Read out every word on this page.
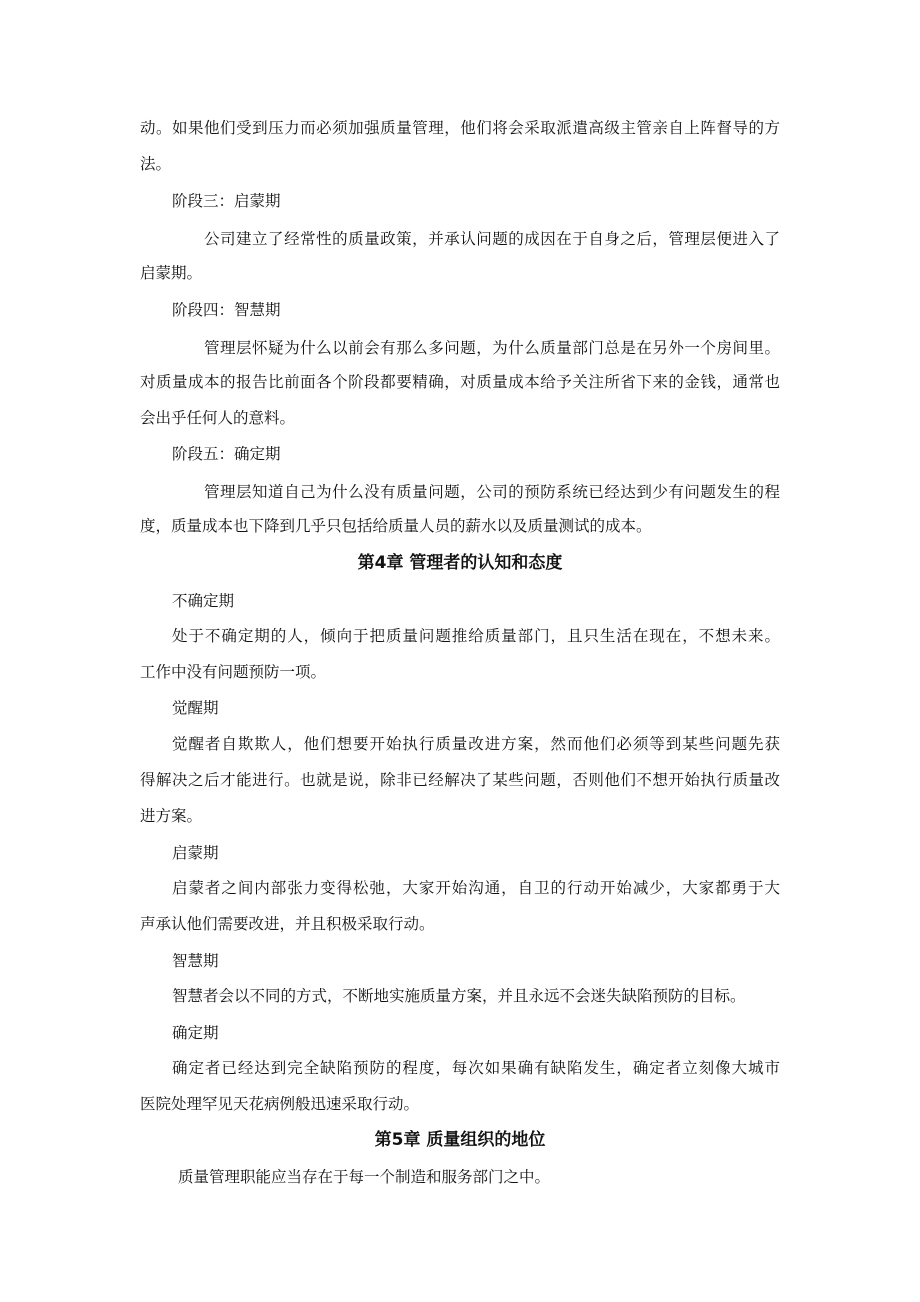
动。如果他们受到压力而必须加强质量管理，他们将会采取派遣高级主管亲自上阵督导的方
法。
阶段三：启蒙期
公司建立了经常性的质量政策，并承认问题的成因在于自身之后，管理层便进入了
启蒙期。
阶段四：智慧期
管理层怀疑为什么以前会有那么多问题，为什么质量部门总是在另外一个房间里。
对质量成本的报告比前面各个阶段都要精确，对质量成本给予关注所省下来的金钱，通常也
会出乎任何人的意料。
阶段五：确定期
管理层知道自己为什么没有质量问题，公司的预防系统已经达到少有问题发生的程
度，质量成本也下降到几乎只包括给质量人员的薪水以及质量测试的成本。
第4章 管理者的认知和态度
不确定期
处于不确定期的人，倾向于把质量问题推给质量部门，且只生活在现在，不想未来。
工作中没有问题预防一项。
觉醒期
觉醒者自欺欺人，他们想要开始执行质量改进方案，然而他们必须等到某些问题先获
得解决之后才能进行。也就是说，除非已经解决了某些问题，否则他们不想开始执行质量改
进方案。
启蒙期
启蒙者之间内部张力变得松弛，大家开始沟通，自卫的行动开始减少，大家都勇于大
声承认他们需要改进，并且积极采取行动。
智慧期
智慧者会以不同的方式，不断地实施质量方案，并且永远不会迷失缺陷预防的目标。
确定期
确定者已经达到完全缺陷预防的程度，每次如果确有缺陷发生，确定者立刻像大城市
医院处理罕见天花病例般迅速采取行动。
第5章 质量组织的地位
质量管理职能应当存在于每一个制造和服务部门之中。
